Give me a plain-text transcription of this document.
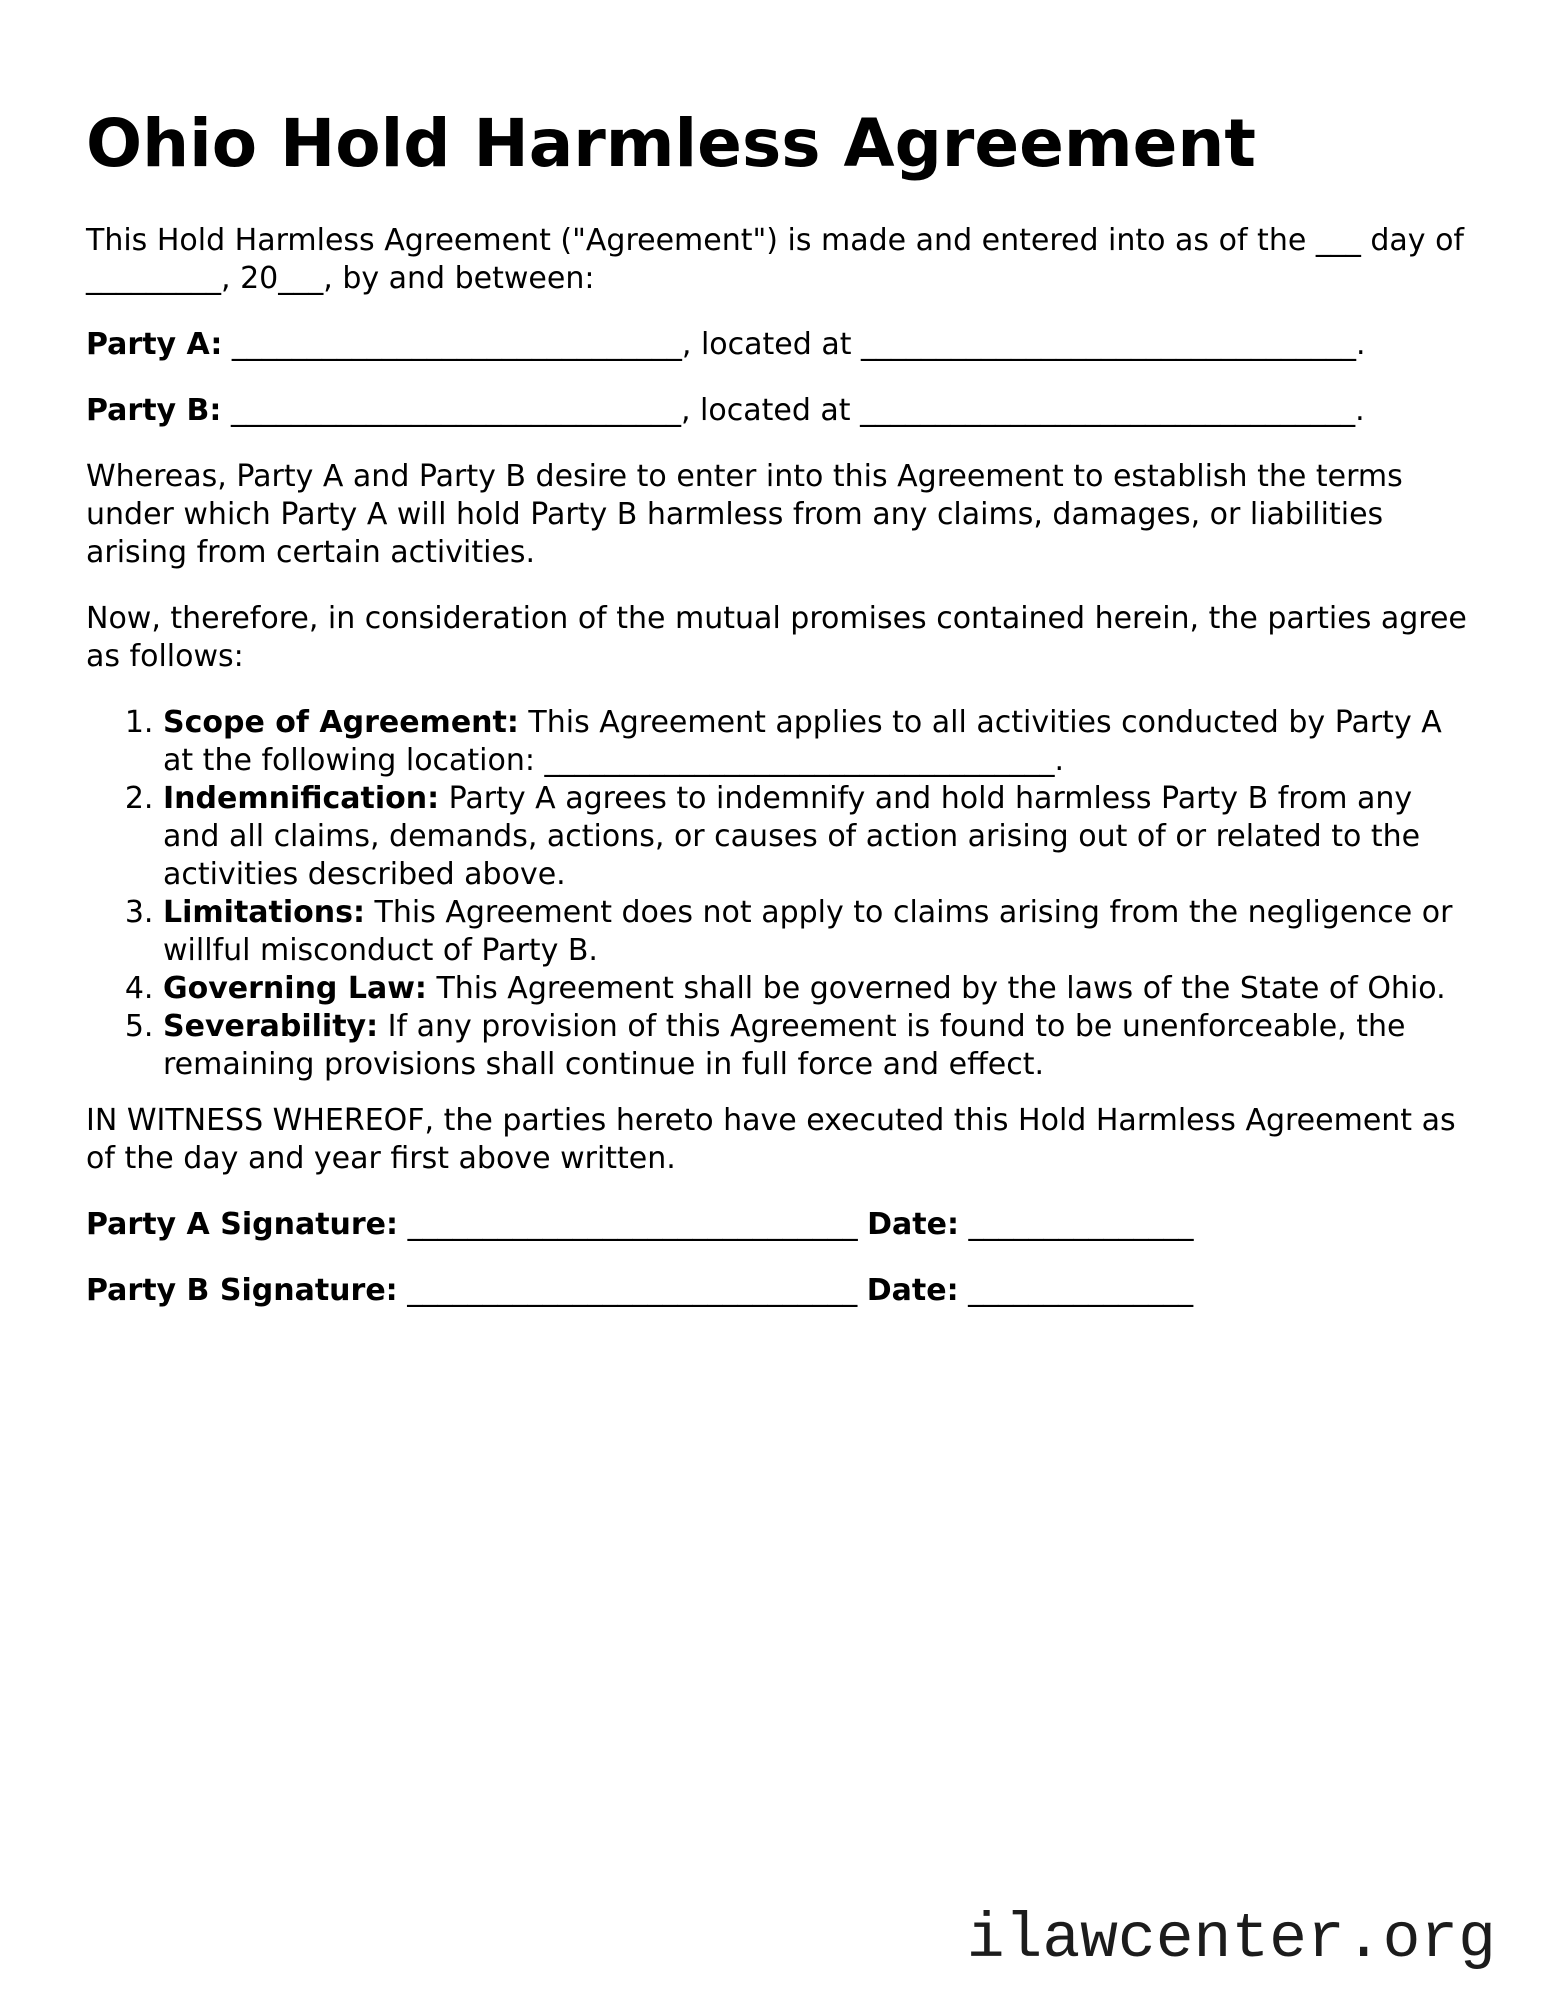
Ohio Hold Harmless Agreement

This Hold Harmless Agreement ("Agreement") is made and entered into as of the ___ day of _________, 20___, by and between:

Party A: ______________________________, located at _________________________________.

Party B: ______________________________, located at _________________________________.

Whereas, Party A and Party B desire to enter into this Agreement to establish the terms under which Party A will hold Party B harmless from any claims, damages, or liabilities arising from certain activities.

Now, therefore, in consideration of the mutual promises contained herein, the parties agree as follows:

1. Scope of Agreement: This Agreement applies to all activities conducted by Party A at the following location: __________________________________.
2. Indemnification: Party A agrees to indemnify and hold harmless Party B from any and all claims, demands, actions, or causes of action arising out of or related to the activities described above.
3. Limitations: This Agreement does not apply to claims arising from the negligence or willful misconduct of Party B.
4. Governing Law: This Agreement shall be governed by the laws of the State of Ohio.
5. Severability: If any provision of this Agreement is found to be unenforceable, the remaining provisions shall continue in full force and effect.

IN WITNESS WHEREOF, the parties hereto have executed this Hold Harmless Agreement as of the day and year first above written.

Party A Signature: ______________________________ Date: _______________

Party B Signature: ______________________________ Date: _______________

ilawcenter.org
